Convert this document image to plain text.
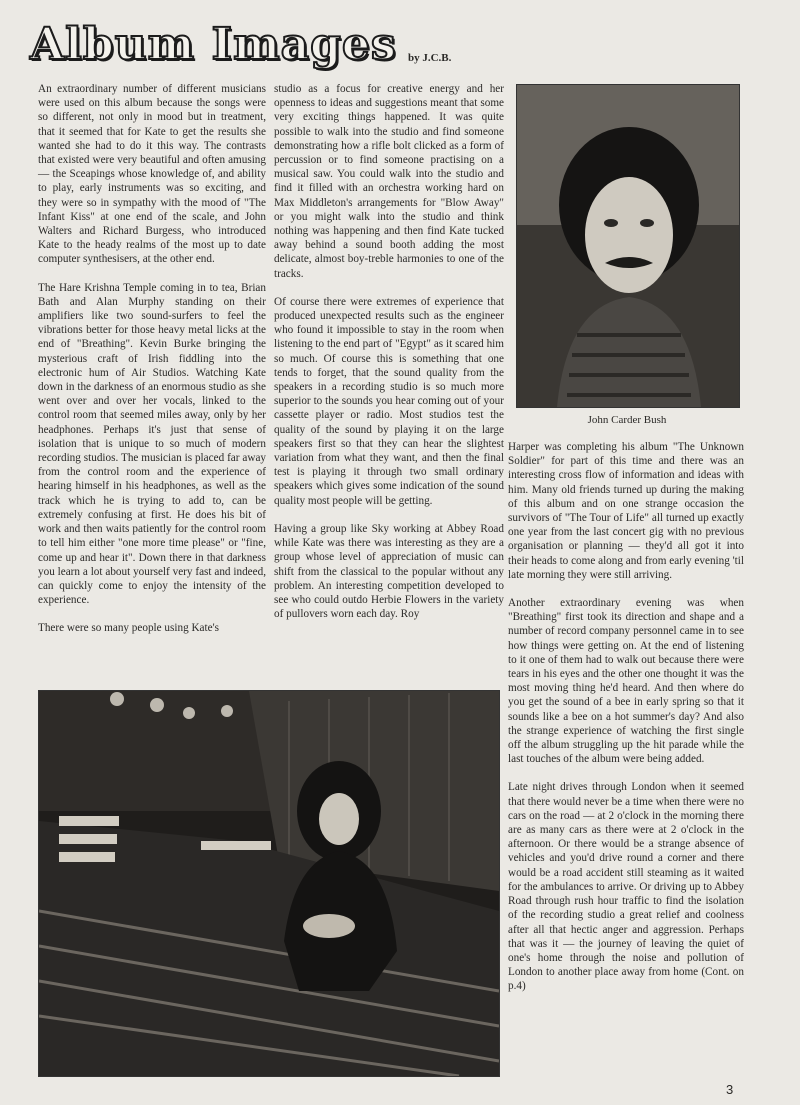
Album Images by J.C.B.

An extraordinary number of different musicians were used on this album because the songs were so different, not only in mood but in treatment, that it seemed that for Kate to get the results she wanted she had to do it this way. The contrasts that existed were very beautiful and often amusing — the Sceapings whose knowledge of, and ability to play, early instruments was so exciting, and they were so in sympathy with the mood of "The Infant Kiss" at one end of the scale, and John Walters and Richard Burgess, who introduced Kate to the heady realms of the most up to date computer synthesisers, at the other end.

The Hare Krishna Temple coming in to tea, Brian Bath and Alan Murphy standing on their amplifiers like two sound-surfers to feel the vibrations better for those heavy metal licks at the end of "Breathing". Kevin Burke bringing the mysterious craft of Irish fiddling into the electronic hum of Air Studios. Watching Kate down in the darkness of an enormous studio as she went over and over her vocals, linked to the control room that seemed miles away, only by her headphones. Perhaps it's just that sense of isolation that is unique to so much of modern recording studios. The musician is placed far away from the control room and the experience of hearing himself in his headphones, as well as the track which he is trying to add to, can be extremely confusing at first. He does his bit of work and then waits patiently for the control room to tell him either "one more time please" or "fine, come up and hear it". Down there in that darkness you learn a lot about yourself very fast and indeed, can quickly come to enjoy the intensity of the experience.

There were so many people using Kate's

studio as a focus for creative energy and her openness to ideas and suggestions meant that some very exciting things happened. It was quite possible to walk into the studio and find someone demonstrating how a rifle bolt clicked as a form of percussion or to find someone practising on a musical saw. You could walk into the studio and find it filled with an orchestra working hard on Max Middleton's arrangements for "Blow Away" or you might walk into the studio and think nothing was happening and then find Kate tucked away behind a sound booth adding the most delicate, almost boy-treble harmonies to one of the tracks.

Of course there were extremes of experience that produced unexpected results such as the engineer who found it impossible to stay in the room when listening to the end part of "Egypt" as it scared him so much. Of course this is something that one tends to forget, that the sound quality from the speakers in a recording studio is so much more superior to the sounds you hear coming out of your cassette player or radio. Most studios test the quality of the sound by playing it on the large speakers first so that they can hear the slightest variation from what they want, and then the final test is playing it through two small ordinary speakers which gives some indication of the sound quality most people will be getting.

Having a group like Sky working at Abbey Road while Kate was there was interesting as they are a group whose level of appreciation of music can shift from the classical to the popular without any problem. An interesting competition developed to see who could outdo Herbie Flowers in the variety of pullovers worn each day. Roy

John Carder Bush

Harper was completing his album "The Unknown Soldier" for part of this time and there was an interesting cross flow of information and ideas with him. Many old friends turned up during the making of this album and on one strange occasion the survivors of "The Tour of Life" all turned up exactly one year from the last concert gig with no previous organisation or planning — they'd all got it into their heads to come along and from early evening 'til late morning they were still arriving.

Another extraordinary evening was when "Breathing" first took its direction and shape and a number of record company personnel came in to see how things were getting on. At the end of listening to it one of them had to walk out because there were tears in his eyes and the other one thought it was the most moving thing he'd heard. And then where do you get the sound of a bee in early spring so that it sounds like a bee on a hot summer's day? And also the strange experience of watching the first single off the album struggling up the hit parade while the last touches of the album were being added.

Late night drives through London when it seemed that there would never be a time when there were no cars on the road — at 2 o'clock in the morning there are as many cars as there were at 2 o'clock in the afternoon. Or there would be a strange absence of vehicles and you'd drive round a corner and there would be a road accident still steaming as it waited for the ambulances to arrive. Or driving up to Abbey Road through rush hour traffic to find the isolation of the recording studio a great relief and coolness after all that hectic anger and aggression. Perhaps that was it — the journey of leaving the quiet of one's home through the noise and pollution of London to another place away from home (Cont. on p.4)

3
